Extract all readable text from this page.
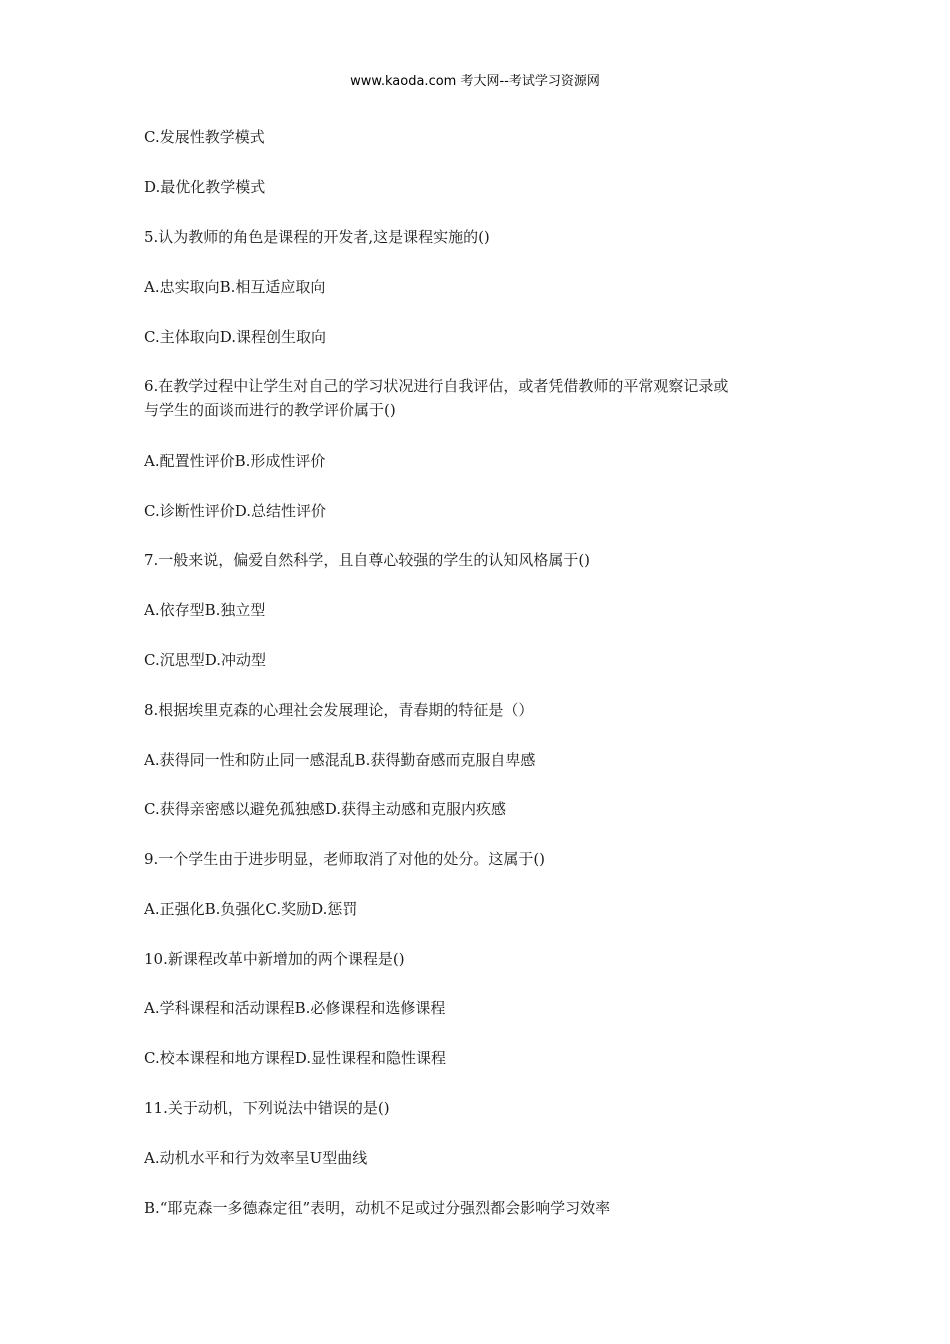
www.kaoda.com 考大网--考试学习资源网
C.发展性教学模式
D.最优化教学模式
5.认为教师的角色是课程的开发者,这是课程实施的()
A.忠实取向B.相互适应取向
C.主体取向D.课程创生取向
6.在教学过程中让学生对自己的学习状况进行自我评估，或者凭借教师的平常观察记录或
与学生的面谈而进行的教学评价属于()
A.配置性评价B.形成性评价
C.诊断性评价D.总结性评价
7.一般来说，偏爱自然科学，且自尊心较强的学生的认知风格属于()
A.依存型B.独立型
C.沉思型D.冲动型
8.根据埃里克森的心理社会发展理论，青春期的特征是（）
A.获得同一性和防止同一感混乱B.获得勤奋感而克服自卑感
C.获得亲密感以避免孤独感D.获得主动感和克服内疚感
9.一个学生由于进步明显，老师取消了对他的处分。这属于()
A.正强化B.负强化C.奖励D.惩罚
10.新课程改革中新增加的两个课程是()
A.学科课程和活动课程B.必修课程和选修课程
C.校本课程和地方课程D.显性课程和隐性课程
11.关于动机，下列说法中错误的是()
A.动机水平和行为效率呈U型曲线
B.“耶克森一多德森定徂”表明，动机不足或过分强烈都会影响学习效率
